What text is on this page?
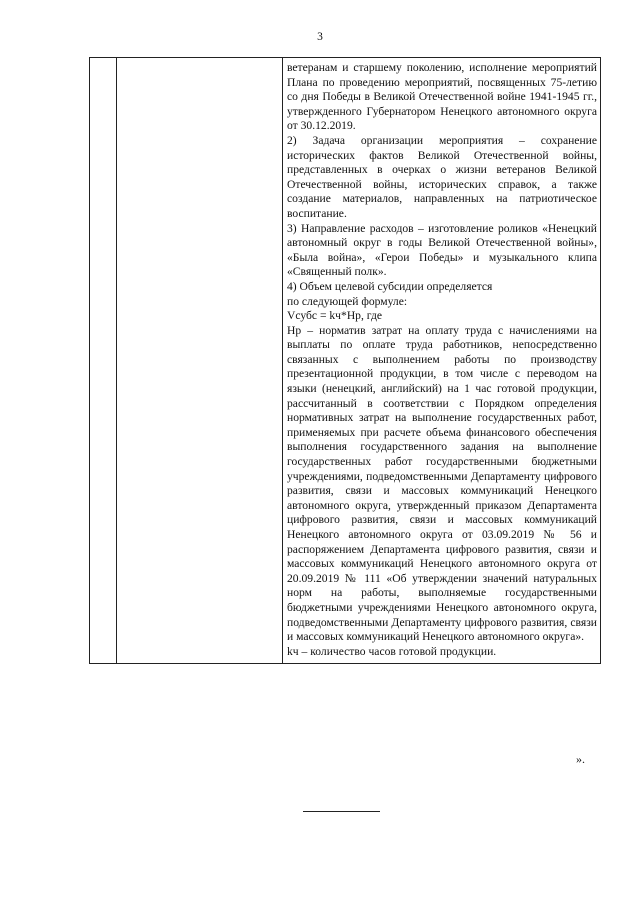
3

ветеранам и старшему поколению, исполнение мероприятий Плана по проведению мероприятий, посвященных 75-летию со дня Победы в Великой Отечественной войне 1941-1945 гг., утвержденного Губернатором Ненецкого автономного округа от 30.12.2019.

2) Задача организации мероприятия – сохранение исторических фактов Великой Отечественной войны, представленных в очерках о жизни ветеранов Великой Отечественной войны, исторических справок, а также создание материалов, направленных на патриотическое воспитание.

3) Направление расходов – изготовление роликов «Ненецкий автономный округ в годы Великой Отечественной войны», «Была война», «Герои Победы» и музыкального клипа «Священный полк».

4) Объем целевой субсидии определяется

по следующей формуле:

Vсубс = kч*Нр, где

Нр – норматив затрат на оплату труда с начислениями на выплаты по оплате труда работников, непосредственно связанных с выполнением работы по производству презентационной продукции, в том числе с переводом на языки (ненецкий, английский) на 1 час готовой продукции, рассчитанный в соответствии с Порядком определения нормативных затрат на выполнение государственных работ, применяемых при расчете объема финансового обеспечения выполнения государственного задания на выполнение государственных работ государственными бюджетными учреждениями, подведомственными Департаменту цифрового развития, связи и массовых коммуникаций Ненецкого автономного округа, утвержденный приказом Департамента цифрового развития, связи и массовых коммуникаций Ненецкого автономного округа от 03.09.2019 № 56 и распоряжением Департамента цифрового развития, связи и массовых коммуникаций Ненецкого автономного округа от 20.09.2019 № 111 «Об утверждении значений натуральных норм на работы, выполняемые государственными бюджетными учреждениями Ненецкого автономного округа, подведомственными Департаменту цифрового развития, связи и массовых коммуникаций Ненецкого автономного округа».

kч – количество часов готовой продукции.

».
